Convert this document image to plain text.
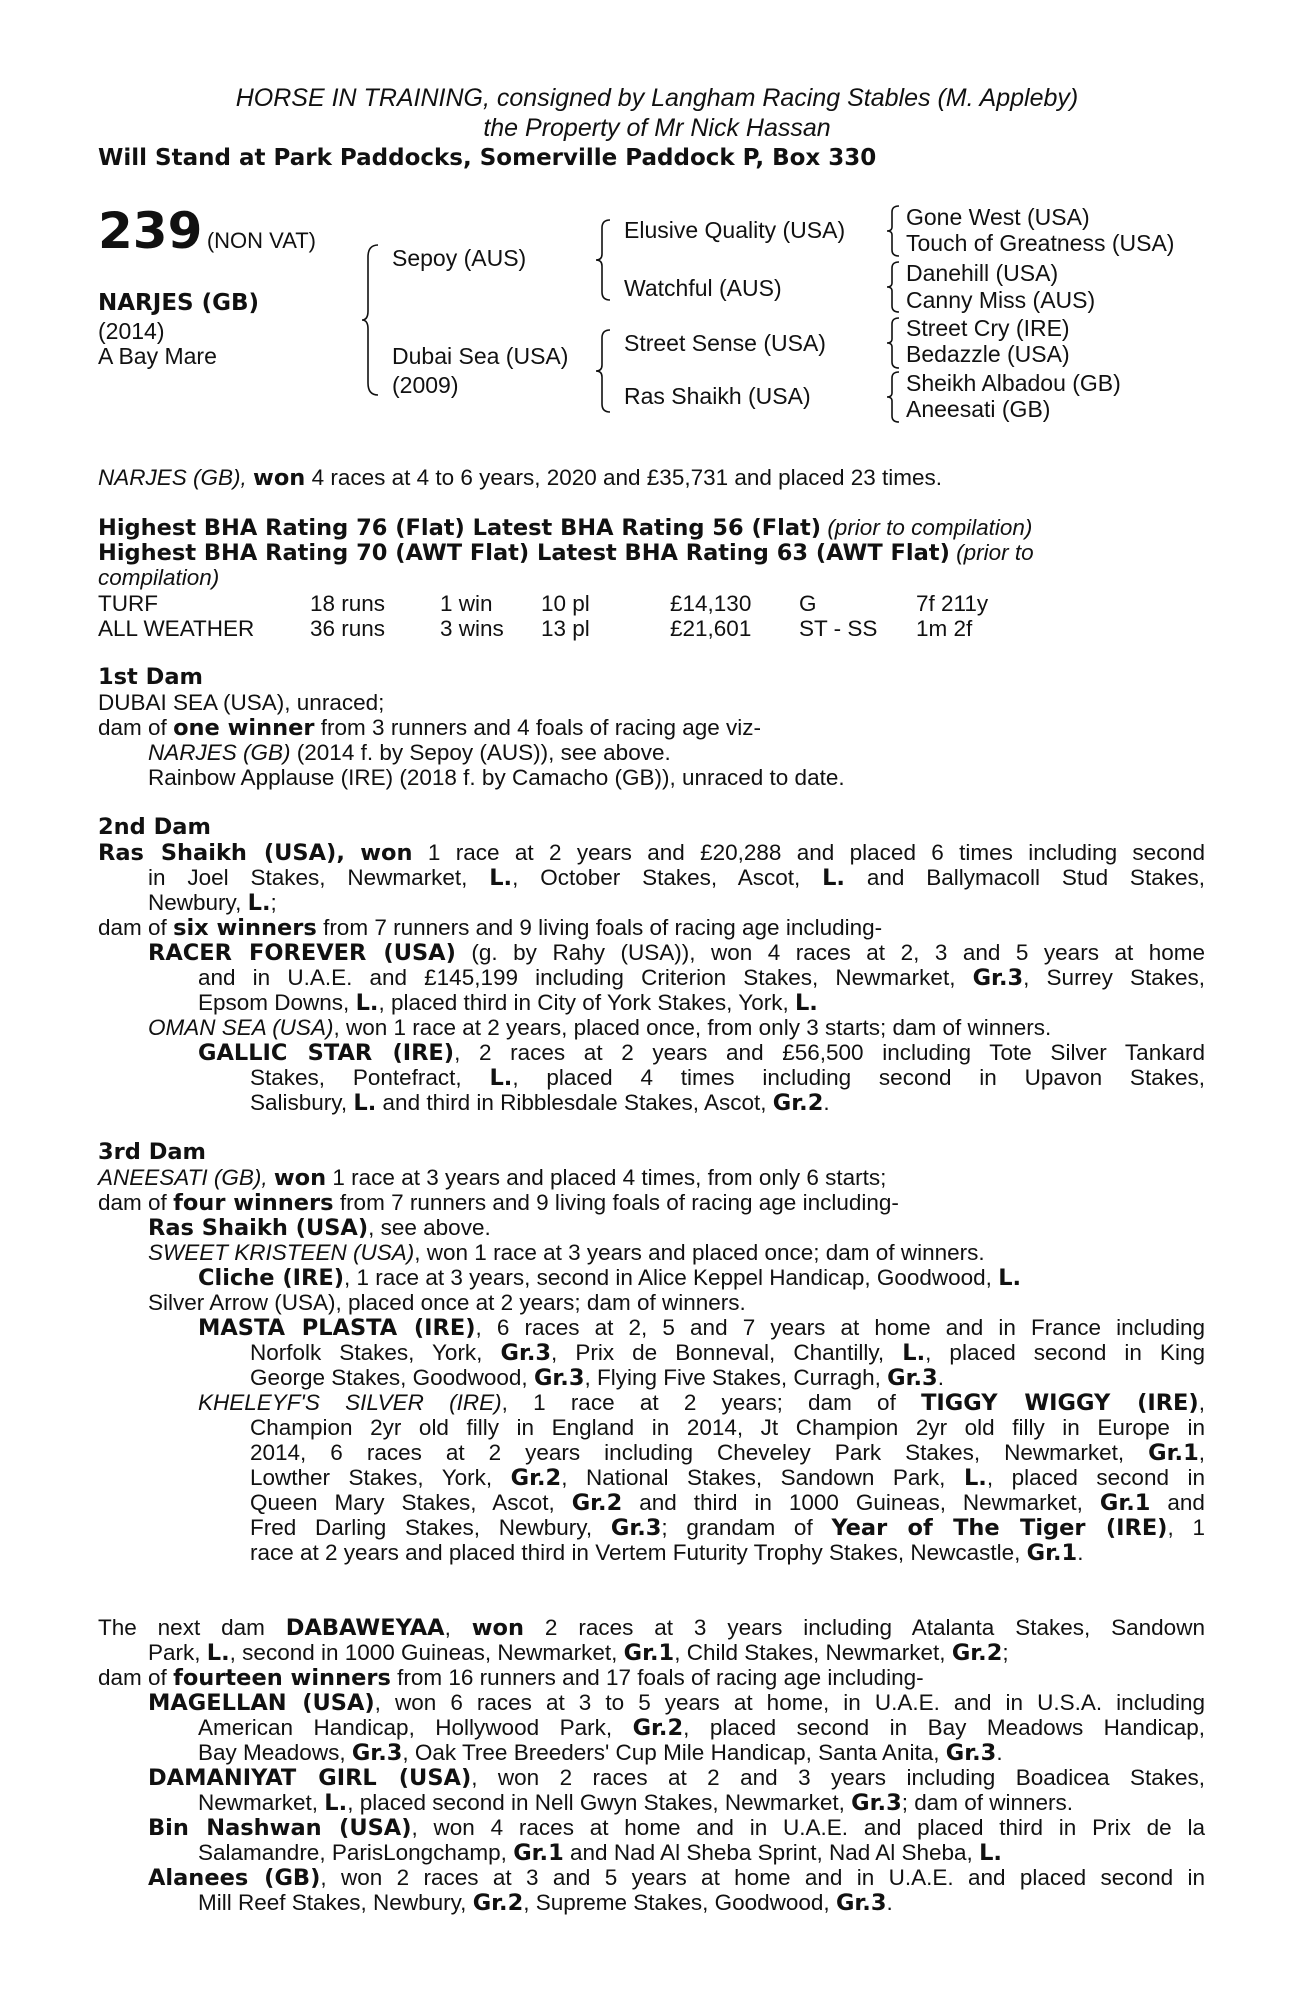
HORSE IN TRAINING, consigned by Langham Racing Stables (M. Appleby)
the Property of Mr Nick Hassan
Will Stand at Park Paddocks, Somerville Paddock P, Box 330
239 (NON VAT)
NARJES (GB)
(2014)
A Bay Mare
Sepoy (AUS)
Dubai Sea (USA)
(2009)
Elusive Quality (USA)
Watchful (AUS)
Street Sense (USA)
Ras Shaikh (USA)
Gone West (USA)
Touch of Greatness (USA)
Danehill (USA)
Canny Miss (AUS)
Street Cry (IRE)
Bedazzle (USA)
Sheikh Albadou (GB)
Aneesati (GB)
NARJES (GB), won 4 races at 4 to 6 years, 2020 and £35,731 and placed 23 times.
Highest BHA Rating 76 (Flat) Latest BHA Rating 56 (Flat) (prior to compilation)
Highest BHA Rating 70 (AWT Flat) Latest BHA Rating 63 (AWT Flat) (prior to
compilation)
TURF	18 runs 1 win 10 pl	£14,130 G	7f 211y
ALL WEATHER 36 runs 3 wins 13 pl	£21,601 ST - SS 1m 2f
1st Dam
DUBAI SEA (USA), unraced;
dam of one winner from 3 runners and 4 foals of racing age viz-
NARJES (GB) (2014 f. by Sepoy (AUS)), see above.
Rainbow Applause (IRE) (2018 f. by Camacho (GB)), unraced to date.
2nd Dam
Ras Shaikh (USA), won 1 race at 2 years and £20,288 and placed 6 times including second
in Joel Stakes, Newmarket, L., October Stakes, Ascot, L. and Ballymacoll Stud Stakes,
Newbury, L.;
dam of six winners from 7 runners and 9 living foals of racing age including-
RACER FOREVER (USA) (g. by Rahy (USA)), won 4 races at 2, 3 and 5 years at home
and in U.A.E. and £145,199 including Criterion Stakes, Newmarket, Gr.3, Surrey Stakes,
Epsom Downs, L., placed third in City of York Stakes, York, L.
OMAN SEA (USA), won 1 race at 2 years, placed once, from only 3 starts; dam of winners.
GALLIC STAR (IRE), 2 races at 2 years and £56,500 including Tote Silver Tankard
Stakes, Pontefract, L., placed 4 times including second in Upavon Stakes,
Salisbury, L. and third in Ribblesdale Stakes, Ascot, Gr.2.
3rd Dam
ANEESATI (GB), won 1 race at 3 years and placed 4 times, from only 6 starts;
dam of four winners from 7 runners and 9 living foals of racing age including-
Ras Shaikh (USA), see above.
SWEET KRISTEEN (USA), won 1 race at 3 years and placed once; dam of winners.
Cliche (IRE), 1 race at 3 years, second in Alice Keppel Handicap, Goodwood, L.
Silver Arrow (USA), placed once at 2 years; dam of winners.
MASTA PLASTA (IRE), 6 races at 2, 5 and 7 years at home and in France including
Norfolk Stakes, York, Gr.3, Prix de Bonneval, Chantilly, L., placed second in King
George Stakes, Goodwood, Gr.3, Flying Five Stakes, Curragh, Gr.3.
KHELEYF'S SILVER (IRE), 1 race at 2 years; dam of TIGGY WIGGY (IRE),
Champion 2yr old filly in England in 2014, Jt Champion 2yr old filly in Europe in
2014, 6 races at 2 years including Cheveley Park Stakes, Newmarket, Gr.1,
Lowther Stakes, York, Gr.2, National Stakes, Sandown Park, L., placed second in
Queen Mary Stakes, Ascot, Gr.2 and third in 1000 Guineas, Newmarket, Gr.1 and
Fred Darling Stakes, Newbury, Gr.3; grandam of Year of The Tiger (IRE), 1
race at 2 years and placed third in Vertem Futurity Trophy Stakes, Newcastle, Gr.1.
The next dam DABAWEYAA, won 2 races at 3 years including Atalanta Stakes, Sandown
Park, L., second in 1000 Guineas, Newmarket, Gr.1, Child Stakes, Newmarket, Gr.2;
dam of fourteen winners from 16 runners and 17 foals of racing age including-
MAGELLAN (USA), won 6 races at 3 to 5 years at home, in U.A.E. and in U.S.A. including
American Handicap, Hollywood Park, Gr.2, placed second in Bay Meadows Handicap,
Bay Meadows, Gr.3, Oak Tree Breeders' Cup Mile Handicap, Santa Anita, Gr.3.
DAMANIYAT GIRL (USA), won 2 races at 2 and 3 years including Boadicea Stakes,
Newmarket, L., placed second in Nell Gwyn Stakes, Newmarket, Gr.3; dam of winners.
Bin Nashwan (USA), won 4 races at home and in U.A.E. and placed third in Prix de la
Salamandre, ParisLongchamp, Gr.1 and Nad Al Sheba Sprint, Nad Al Sheba, L.
Alanees (GB), won 2 races at 3 and 5 years at home and in U.A.E. and placed second in
Mill Reef Stakes, Newbury, Gr.2, Supreme Stakes, Goodwood, Gr.3.
